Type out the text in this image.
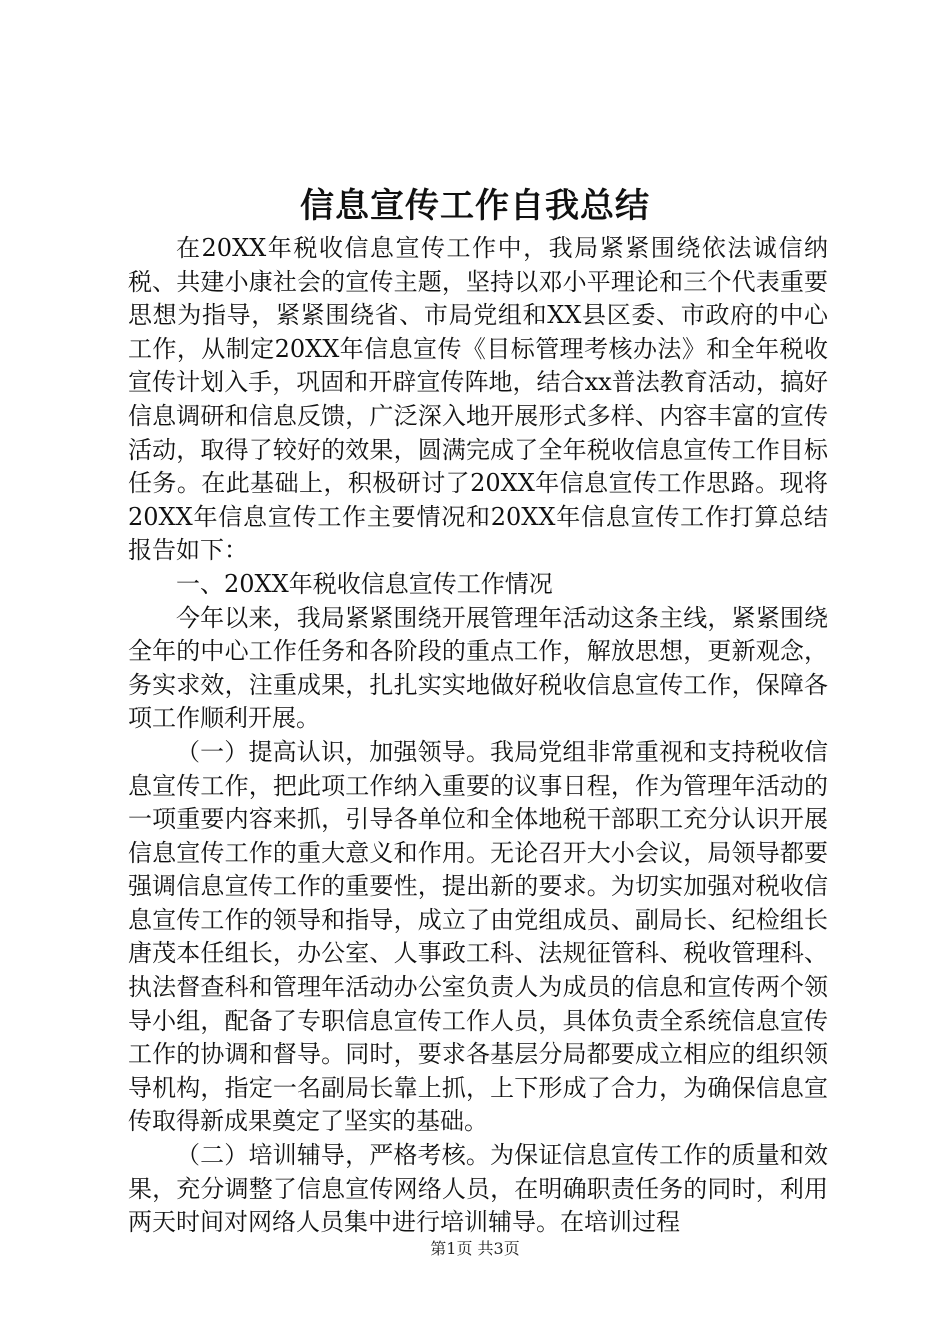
信息宣传工作自我总结

在20XX年税收信息宣传工作中，我局紧紧围绕依法诚信纳税、共建小康社会的宣传主题，坚持以邓小平理论和三个代表重要思想为指导，紧紧围绕省、市局党组和XX县区委、市政府的中心工作，从制定20XX年信息宣传《目标管理考核办法》和全年税收宣传计划入手，巩固和开辟宣传阵地，结合xx普法教育活动，搞好信息调研和信息反馈，广泛深入地开展形式多样、内容丰富的宣传活动，取得了较好的效果，圆满完成了全年税收信息宣传工作目标任务。在此基础上，积极研讨了20XX年信息宣传工作思路。现将20XX年信息宣传工作主要情况和20XX年信息宣传工作打算总结报告如下：

一、20XX年税收信息宣传工作情况

今年以来，我局紧紧围绕开展管理年活动这条主线，紧紧围绕全年的中心工作任务和各阶段的重点工作，解放思想，更新观念，务实求效，注重成果，扎扎实实地做好税收信息宣传工作，保障各项工作顺利开展。

（一）提高认识，加强领导。我局党组非常重视和支持税收信息宣传工作，把此项工作纳入重要的议事日程，作为管理年活动的一项重要内容来抓，引导各单位和全体地税干部职工充分认识开展信息宣传工作的重大意义和作用。无论召开大小会议，局领导都要强调信息宣传工作的重要性，提出新的要求。为切实加强对税收信息宣传工作的领导和指导，成立了由党组成员、副局长、纪检组长唐茂本任组长，办公室、人事政工科、法规征管科、税收管理科、执法督查科和管理年活动办公室负责人为成员的信息和宣传两个领导小组，配备了专职信息宣传工作人员，具体负责全系统信息宣传工作的协调和督导。同时，要求各基层分局都要成立相应的组织领导机构，指定一名副局长靠上抓，上下形成了合力，为确保信息宣传取得新成果奠定了坚实的基础。

（二）培训辅导，严格考核。为保证信息宣传工作的质量和效果，充分调整了信息宣传网络人员，在明确职责任务的同时，利用两天时间对网络人员集中进行培训辅导。在培训过程

第1页 共3页
